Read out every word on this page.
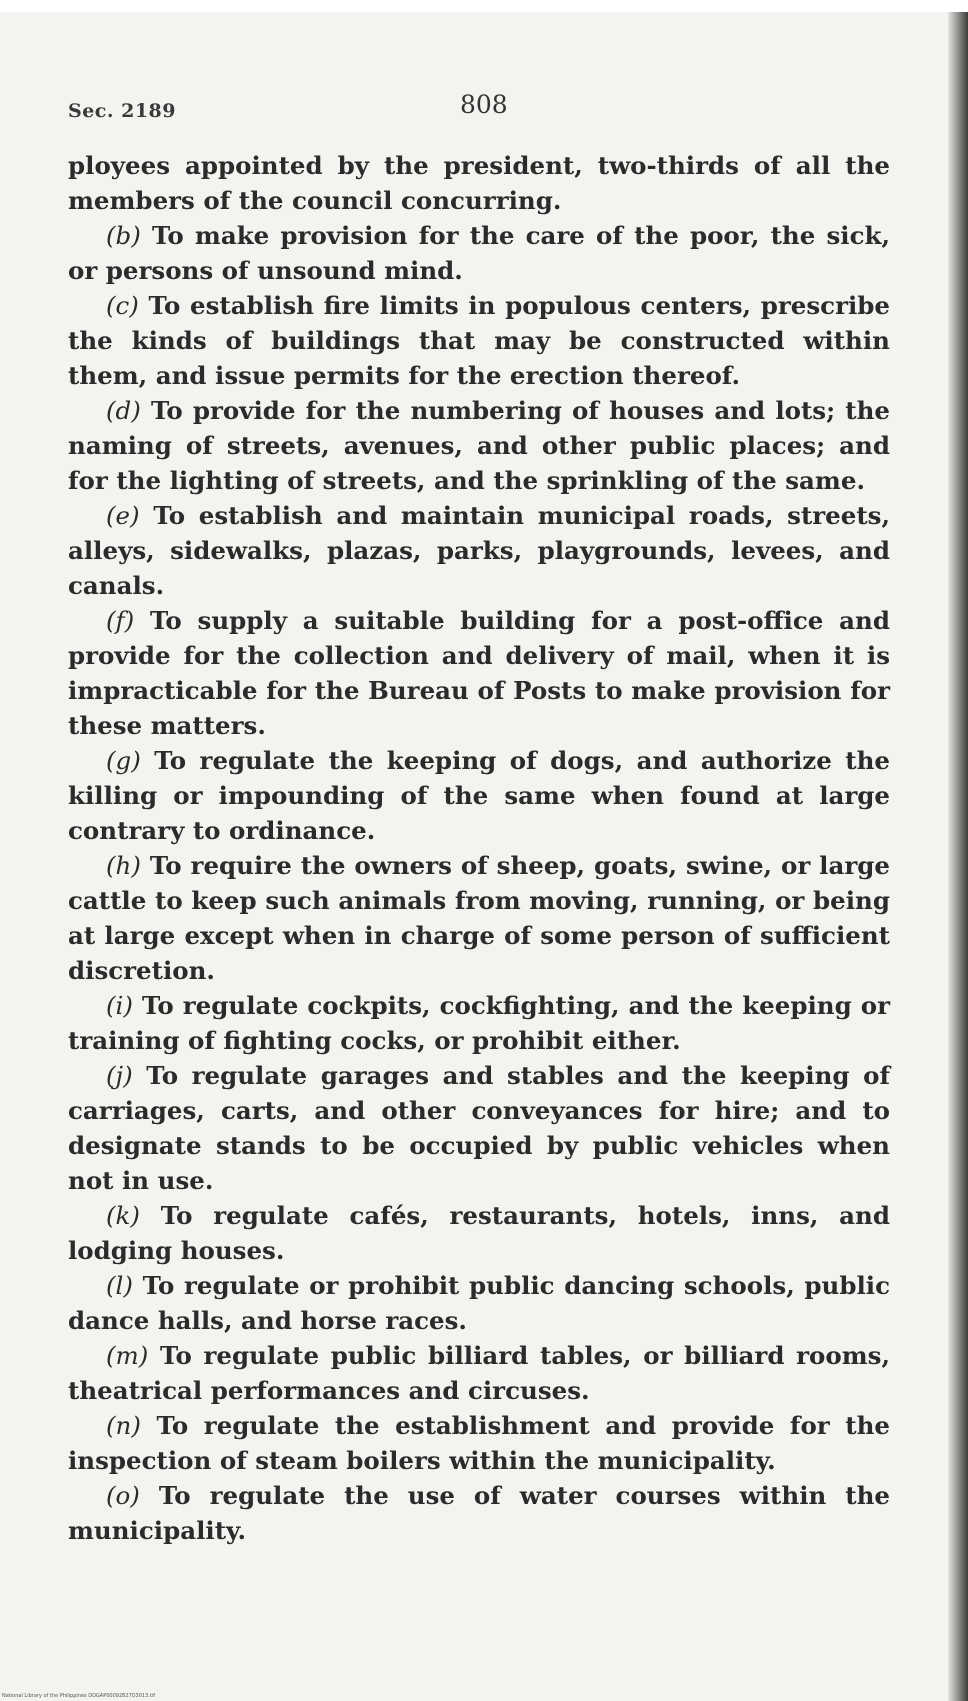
Sec. 2189	808

ployees appointed by the president, two-thirds of all the members of the council concurring.

(b) To make provision for the care of the poor, the sick, or persons of unsound mind.

(c) To establish fire limits in populous centers, prescribe the kinds of buildings that may be constructed within them, and issue permits for the erection thereof.

(d) To provide for the numbering of houses and lots; the naming of streets, avenues, and other public places; and for the lighting of streets, and the sprinkling of the same.

(e) To establish and maintain municipal roads, streets, alleys, sidewalks, plazas, parks, playgrounds, levees, and canals.

(f) To supply a suitable building for a post-office and provide for the collection and delivery of mail, when it is impracticable for the Bureau of Posts to make provision for these matters.

(g) To regulate the keeping of dogs, and authorize the killing or impounding of the same when found at large contrary to ordinance.

(h) To require the owners of sheep, goats, swine, or large cattle to keep such animals from moving, running, or being at large except when in charge of some person of sufficient discretion.

(i) To regulate cockpits, cockfighting, and the keeping or training of fighting cocks, or prohibit either.

(j) To regulate garages and stables and the keeping of carriages, carts, and other conveyances for hire; and to designate stands to be occupied by public vehicles when not in use.

(k) To regulate cafés, restaurants, hotels, inns, and lodging houses.

(l) To regulate or prohibit public dancing schools, public dance halls, and horse races.

(m) To regulate public billiard tables, or billiard rooms, theatrical performances and circuses.

(n) To regulate the establishment and provide for the inspection of steam boilers within the municipality.

(o) To regulate the use of water courses within the municipality.

National Library of the Philippines DDGAP00092827D3013.tif
